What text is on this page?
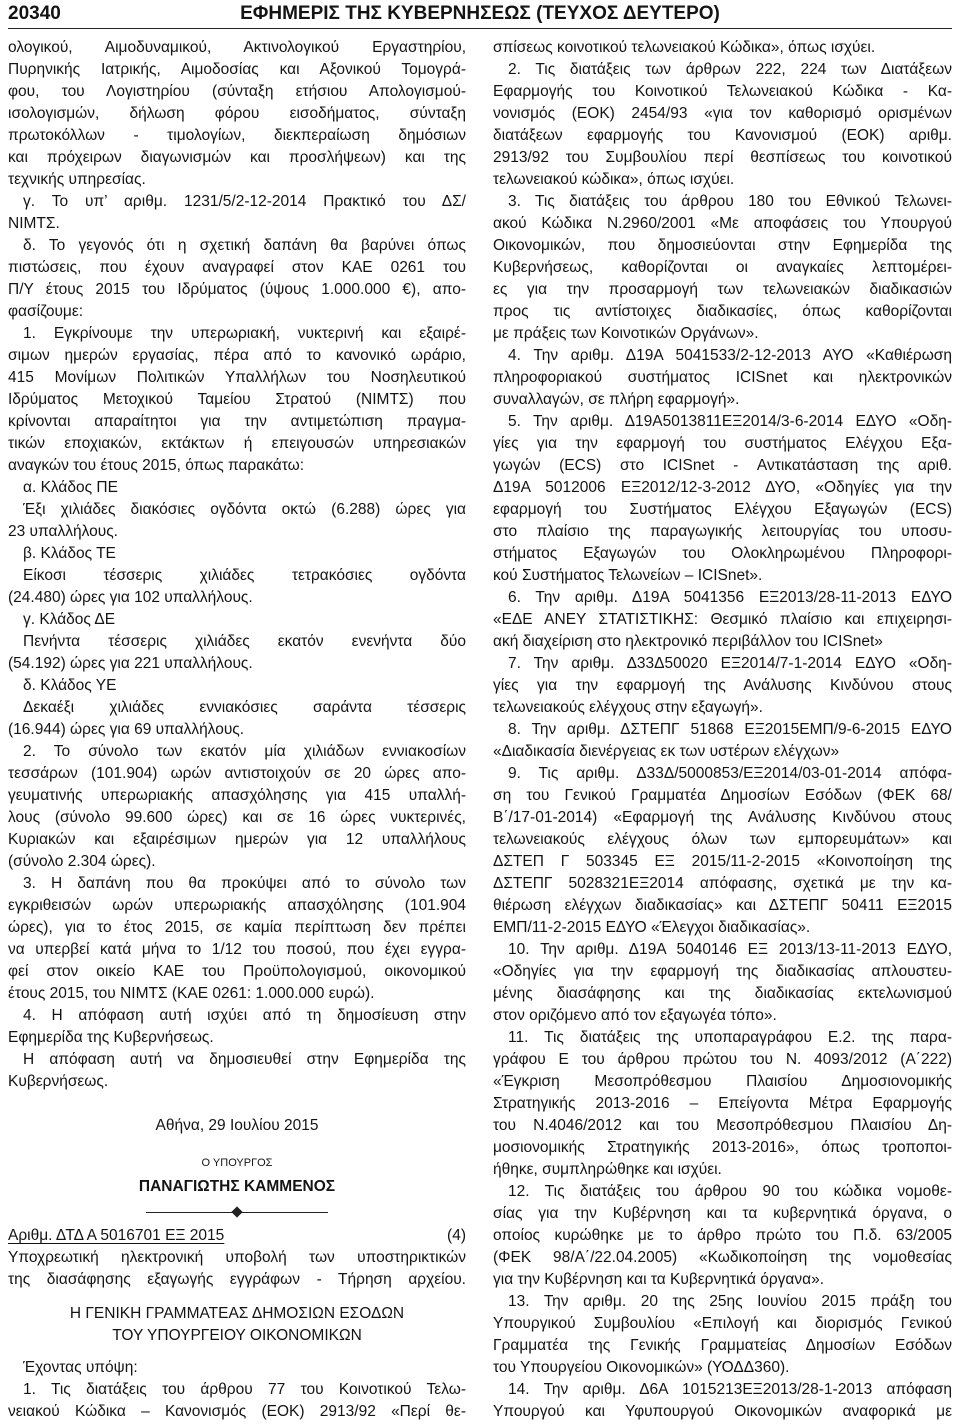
20340	ΕΦΗΜΕΡΙΣ ΤΗΣ ΚΥΒΕΡΝΗΣΕΩΣ (ΤΕΥΧΟΣ ΔΕΥΤΕΡΟ)
ολογικού, Αιμοδυναμικού, Ακτινολογικού Εργαστηρίου,
Πυρηνικής Ιατρικής, Αιμοδοσίας και Αξονικού Τομογρά-
φου, του Λογιστηρίου (σύνταξη ετήσιου Απολογισμού-
ισολογισμών, δήλωση φόρου εισοδήματος, σύνταξη
πρωτοκόλλων - τιμολογίων, διεκπεραίωση δημόσιων
και πρόχειρων διαγωνισμών και προσλήψεων) και της
τεχνικής υπηρεσίας.
γ. Το υπ’ αριθμ. 1231/5/2-12-2014 Πρακτικό του ΔΣ/
ΝΙΜΤΣ.
δ. Το γεγονός ότι η σχετική δαπάνη θα βαρύνει όπως
πιστώσεις, που έχουν αναγραφεί στον ΚΑΕ 0261 του
Π/Υ έτους 2015 του Ιδρύματος (ύψους 1.000.000 €), απο-
φασίζουμε:
1. Εγκρίνουμε την υπερωριακή, νυκτερινή και εξαιρέ-
σιμων ημερών εργασίας, πέρα από το κανονικό ωράριο,
415 Μονίμων Πολιτικών Υπαλλήλων του Νοσηλευτικού
Ιδρύματος Μετοχικού Ταμείου Στρατού (ΝΙΜΤΣ) που
κρίνονται απαραίτητοι για την αντιμετώπιση πραγμα-
τικών εποχιακών, εκτάκτων ή επειγουσών υπηρεσιακών
αναγκών του έτους 2015, όπως παρακάτω:
α. Κλάδος ΠΕ
Έξι χιλιάδες διακόσιες ογδόντα οκτώ (6.288) ώρες για
23 υπαλλήλους.
β. Κλάδος ΤΕ
Είκοσι τέσσερις χιλιάδες τετρακόσιες ογδόντα
(24.480) ώρες για 102 υπαλλήλους.
γ. Κλάδος ΔΕ
Πενήντα τέσσερις χιλιάδες εκατόν ενενήντα δύο
(54.192) ώρες για 221 υπαλλήλους.
δ. Κλάδος ΥΕ
Δεκαέξι χιλιάδες εννιακόσιες σαράντα τέσσερις
(16.944) ώρες για 69 υπαλλήλους.
2. Το σύνολο των εκατόν μία χιλιάδων εννιακοσίων
τεσσάρων (101.904) ωρών αντιστοιχούν σε 20 ώρες απο-
γευματινής υπερωριακής απασχόλησης για 415 υπαλλή-
λους (σύνολο 99.600 ώρες) και σε 16 ώρες νυκτερινές,
Κυριακών και εξαιρέσιμων ημερών για 12 υπαλλήλους
(σύνολο 2.304 ώρες).
3. Η δαπάνη που θα προκύψει από το σύνολο των
εγκριθεισών ωρών υπερωριακής απασχόλησης (101.904
ώρες), για το έτος 2015, σε καμία περίπτωση δεν πρέπει
να υπερβεί κατά μήνα το 1/12 του ποσού, που έχει εγγρα-
φεί στον οικείο ΚΑΕ του Προϋπολογισμού, οικονομικού
έτους 2015, του ΝΙΜΤΣ (ΚΑΕ 0261: 1.000.000 ευρώ).
4. Η απόφαση αυτή ισχύει από τη δημοσίευση στην
Εφημερίδα της Κυβερνήσεως.
Η απόφαση αυτή να δημοσιευθεί στην Εφημερίδα της
Κυβερνήσεως.
Αθήνα, 29 Ιουλίου 2015
Ο ΥΠΟΥΡΓΟΣ
ΠΑΝΑΓΙΩΤΗΣ ΚΑΜΜΕΝΟΣ
Αριθμ. ΔΤΔ Α 5016701 ΕΞ 2015	(4)
Υποχρεωτική ηλεκτρονική υποβολή των υποστηρικτικών
της διασάφησης εξαγωγής εγγράφων - Τήρηση αρχείου.
Η ΓΕΝΙΚΗ ΓΡΑΜΜΑΤΕΑΣ ΔΗΜΟΣΙΩΝ ΕΣΟΔΩΝ
ΤΟΥ ΥΠΟΥΡΓΕΙΟΥ ΟΙΚΟΝΟΜΙΚΩΝ
Έχοντας υπόψη:
1. Τις διατάξεις του άρθρου 77 του Κοινοτικού Τελω-
νειακού Κώδικα – Κανονισμός (ΕΟΚ) 2913/92 «Περί θε-
σπίσεως κοινοτικού τελωνειακού Κώδικα», όπως ισχύει.
2. Τις διατάξεις των άρθρων 222, 224 των Διατάξεων
Εφαρμογής του Κοινοτικού Τελωνειακού Κώδικα - Κα-
νονισμός (ΕΟΚ) 2454/93 «για τον καθορισμό ορισμένων
διατάξεων εφαρμογής του Κανονισμού (ΕΟΚ) αριθμ.
2913/92 του Συμβουλίου περί θεσπίσεως του κοινοτικού
τελωνειακού κώδικα», όπως ισχύει.
3. Τις διατάξεις του άρθρου 180 του Εθνικού Τελωνει-
ακού Κώδικα Ν.2960/2001 «Με αποφάσεις του Υπουργού
Οικονομικών, που δημοσιεύονται στην Εφημερίδα της
Κυβερνήσεως, καθορίζονται οι αναγκαίες λεπτομέρει-
ες για την προσαρμογή των τελωνειακών διαδικασιών
προς τις αντίστοιχες διαδικασίες, όπως καθορίζονται
με πράξεις των Κοινοτικών Οργάνων».
4. Την αριθμ. Δ19Α 5041533/2-12-2013 ΑΥΟ «Καθιέρωση
πληροφοριακού συστήματος ICISnet και ηλεκτρονικών
συναλλαγών, σε πλήρη εφαρμογή».
5. Την αριθμ. Δ19Α5013811ΕΞ2014/3-6-2014 ΕΔΥΟ «Οδη-
γίες για την εφαρμογή του συστήματος Ελέγχου Εξα-
γωγών (ECS) στο ICISnet - Αντικατάσταση της αριθ.
Δ19Α 5012006 ΕΞ2012/12-3-2012 ΔΥΟ, «Οδηγίες για την
εφαρμογή του Συστήματος Ελέγχου Εξαγωγών (ECS)
στο πλαίσιο της παραγωγικής λειτουργίας του υποσυ-
στήματος Εξαγωγών του Ολοκληρωμένου Πληροφορι-
κού Συστήματος Τελωνείων – ICISnet».
6. Την αριθμ. Δ19Α 5041356 ΕΞ2013/28-11-2013 ΕΔΥΟ
«ΕΔΕ ΑΝΕΥ ΣΤΑΤΙΣΤΙΚΗΣ: Θεσμικό πλαίσιο και επιχειρησι-
ακή διαχείριση στο ηλεκτρονικό περιβάλλον του ICISnet»
7. Την αριθμ. Δ33Δ50020 ΕΞ2014/7-1-2014 ΕΔΥΟ «Οδη-
γίες για την εφαρμογή της Ανάλυσης Κινδύνου στους
τελωνειακούς ελέγχους στην εξαγωγή».
8. Την αριθμ. ΔΣΤΕΠΓ 51868 ΕΞ2015ΕΜΠ/9-6-2015 ΕΔΥΟ
«Διαδικασία διενέργειας εκ των υστέρων ελέγχων»
9. Τις αριθμ. Δ33Δ/5000853/ΕΞ2014/03-01-2014 απόφα-
ση του Γενικού Γραμματέα Δημοσίων Εσόδων (ΦΕΚ 68/
Β΄/17-01-2014) «Εφαρμογή της Ανάλυσης Κινδύνου στους
τελωνειακούς ελέγχους όλων των εμπορευμάτων» και
ΔΣΤΕΠ Γ 503345 ΕΞ 2015/11-2-2015 «Κοινοποίηση της
ΔΣΤΕΠΓ 5028321ΕΞ2014 απόφασης, σχετικά με την κα-
θιέρωση ελέγχων διαδικασίας» και ΔΣΤΕΠΓ 50411 ΕΞ2015
ΕΜΠ/11-2-2015 ΕΔΥΟ «Έλεγχοι διαδικασίας».
10. Την αριθμ. Δ19Α 5040146 ΕΞ 2013/13-11-2013 ΕΔΥΟ,
«Οδηγίες για την εφαρμογή της διαδικασίας απλουστευ-
μένης διασάφησης και της διαδικασίας εκτελωνισμού
στον οριζόμενο από τον εξαγωγέα τόπο».
11. Τις διατάξεις της υποπαραγράφου Ε.2. της παρα-
γράφου Ε του άρθρου πρώτου του Ν. 4093/2012 (Α΄222)
«Έγκριση Μεσοπρόθεσμου Πλαισίου Δημοσιονομικής
Στρατηγικής 2013-2016 – Επείγοντα Μέτρα Εφαρμογής
του Ν.4046/2012 και του Μεσοπρόθεσμου Πλαισίου Δη-
μοσιονομικής Στρατηγικής 2013-2016», όπως τροποποι-
ήθηκε, συμπληρώθηκε και ισχύει.
12. Τις διατάξεις του άρθρου 90 του κώδικα νομοθε-
σίας για την Κυβέρνηση και τα κυβερνητικά όργανα, ο
οποίος κυρώθηκε με το άρθρο πρώτο του Π.δ. 63/2005
(ΦΕΚ 98/Α΄/22.04.2005) «Κωδικοποίηση της νομοθεσίας
για την Κυβέρνηση και τα Κυβερνητικά όργανα».
13. Την αριθμ. 20 της 25ης Ιουνίου 2015 πράξη του
Υπουργικού Συμβουλίου «Επιλογή και διορισμός Γενικού
Γραμματέα της Γενικής Γραμματείας Δημοσίων Εσόδων
του Υπουργείου Οικονομικών» (ΥΟΔΔ360).
14. Την αριθμ. Δ6Α 1015213ΕΞ2013/28-1-2013 απόφαση
Υπουργού και Υφυπουργού Οικονομικών αναφορικά με
